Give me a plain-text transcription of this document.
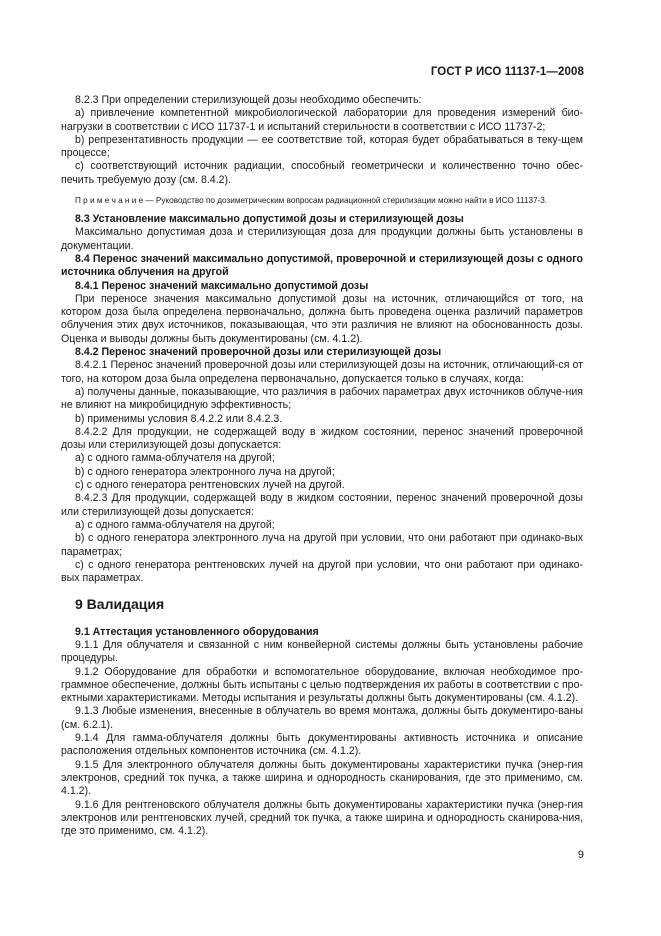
ГОСТ Р ИСО 11137-1—2008
8.2.3 При определении стерилизующей дозы необходимо обеспечить:
а) привлечение компетентной микробиологической лаборатории для проведения измерений био-нагрузки в соответствии с ИСО 11737-1 и испытаний стерильности в соответствии с ИСО 11737-2;
b) репрезентативность продукции — ее соответствие той, которая будет обрабатываться в теку-щем процессе;
c) соответствующий источник радиации, способный геометрически и количественно точно обес-печить требуемую дозу (см. 8.4.2).
П р и м е ч а н и е — Руководство по дозиметрическим вопросам радиационной стерилизации можно найти в ИСО 11137-3.
8.3 Установление максимально допустимой дозы и стерилизующей дозы
Максимально допустимая доза и стерилизующая доза для продукции должны быть установлены в документации.
8.4 Перенос значений максимально допустимой, проверочной и стерилизующей дозы с одного источника облучения на другой
8.4.1 Перенос значений максимально допустимой дозы
При переносе значения максимально допустимой дозы на источник, отличающийся от того, на котором доза была определена первоначально, должна быть проведена оценка различий параметров облучения этих двух источников, показывающая, что эти различия не влияют на обоснованность дозы. Оценка и выводы должны быть документированы (см. 4.1.2).
8.4.2 Перенос значений проверочной дозы или стерилизующей дозы
8.4.2.1 Перенос значений проверочной дозы или стерилизующей дозы на источник, отличающий-ся от того, на котором доза была определена первоначально, допускается только в случаях, когда:
а) получены данные, показывающие, что различия в рабочих параметрах двух источников облуче-ния не влияют на микробицидную эффективность;
b) применимы условия 8.4.2.2 или 8.4.2.3.
8.4.2.2 Для продукции, не содержащей воду в жидком состоянии, перенос значений проверочной дозы или стерилизующей дозы допускается:
а) с одного гамма-облучателя на другой;
b) с одного генератора электронного луча на другой;
c) с одного генератора рентгеновских лучей на другой.
8.4.2.3 Для продукции, содержащей воду в жидком состоянии, перенос значений проверочной дозы или стерилизующей дозы допускается:
а) с одного гамма-облучателя на другой;
b) с одного генератора электронного луча на другой при условии, что они работают при одинако-вых параметрах;
c) с одного генератора рентгеновских лучей на другой при условии, что они работают при одинако-вых параметрах.
9 Валидация
9.1 Аттестация установленного оборудования
9.1.1 Для облучателя и связанной с ним конвейерной системы должны быть установлены рабочие процедуры.
9.1.2 Оборудование для обработки и вспомогательное оборудование, включая необходимое про-граммное обеспечение, должны быть испытаны с целью подтверждения их работы в соответствии с про-ектными характеристиками. Методы испытания и результаты должны быть документированы (см. 4.1.2).
9.1.3 Любые изменения, внесенные в облучатель во время монтажа, должны быть документиро-ваны (см. 6.2.1).
9.1.4 Для гамма-облучателя должны быть документированы активность источника и описание расположения отдельных компонентов источника (см. 4.1.2).
9.1.5 Для электронного облучателя должны быть документированы характеристики пучка (энер-гия электронов, средний ток пучка, а также ширина и однородность сканирования, где это применимо, см. 4.1.2).
9.1.6 Для рентгеновского облучателя должны быть документированы характеристики пучка (энер-гия электронов или рентгеновских лучей, средний ток пучка, а также ширина и однородность сканирова-ния, где это применимо, см. 4.1.2).
9
